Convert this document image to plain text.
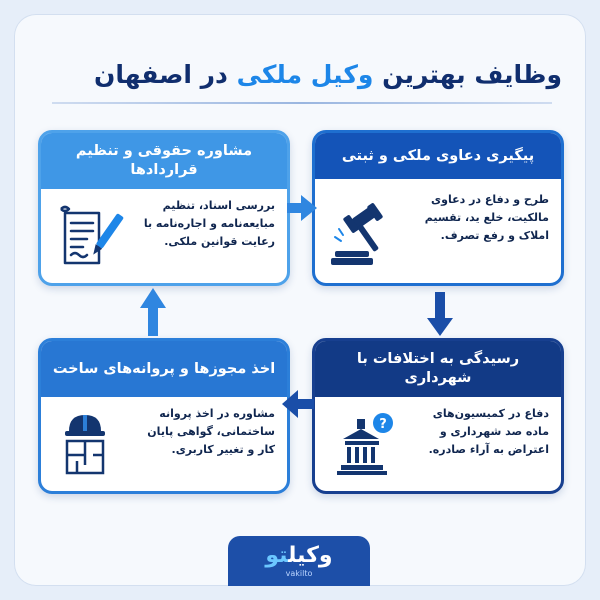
وظایف بهترین وکیل ملکی در اصفهان
پیگیری دعاوی ملکی و ثبتی
طرح و دفاع در دعاوی مالکیت، خلع ید، تقسیم املاک و رفع تصرف.
رسیدگی به اختلافات با شهرداری
دفاع در کمیسیون‌های ماده صد شهرداری و اعتراض به آراء صادره.
?
اخذ مجوزها و پروانه‌های ساخت
مشاوره در اخذ پروانه ساختمانی، گواهی پایان کار و تغییر کاربری.
مشاوره حقوقی و تنظیم قراردادها
بررسی اسناد، تنظیم مبایعه‌نامه و اجاره‌نامه با رعایت قوانین ملکی.
وکیلتو
vakilto
